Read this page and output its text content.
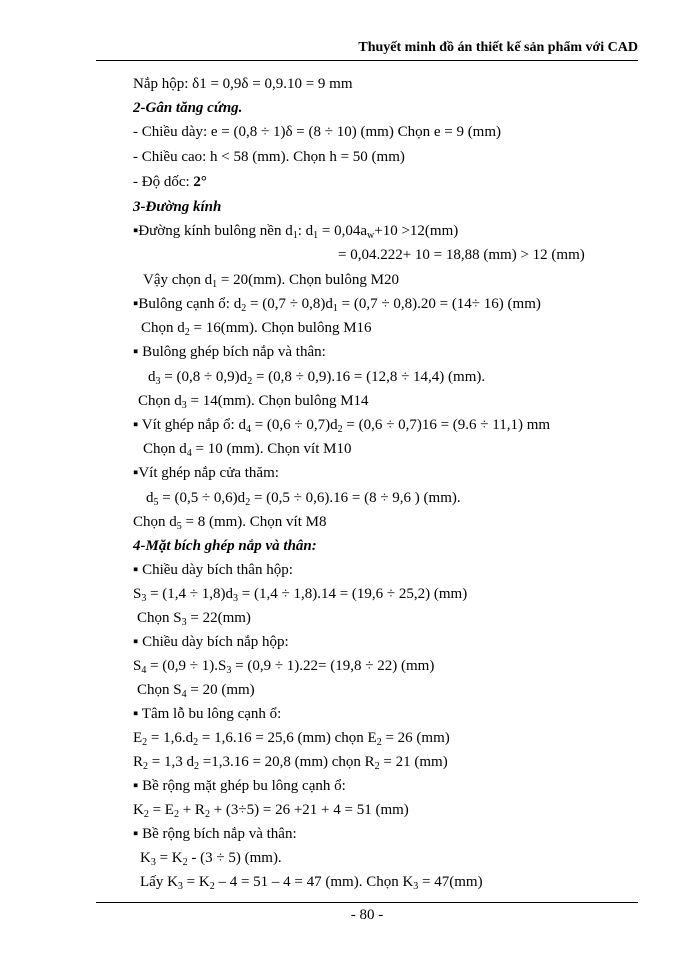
Thuyết minh đồ án thiết kế sản phẩm với CAD
Nắp hộp: δ1 = 0,9δ = 0,9.10 = 9 mm
2-Gân tăng cứng.
- Chiều dày: e = (0,8 ÷ 1)δ = (8 ÷ 10) (mm) Chọn e = 9 (mm)
- Chiều cao: h < 58 (mm). Chọn h = 50 (mm)
- Độ dốc: 2°
3-Đường kính
▪Đường kính bulông nền $d_1$: $d_1 = 0,04a_w+10 >12(mm)$
= 0,04.222+ 10 = 18,88 (mm) > 12 (mm)
Vậy chọn $d_1 = 20(mm)$. Chọn bulông M20
▪Bulông cạnh ổ: $d_2 = (0,7 \div 0,8)d_1 = (0,7 \div 0,8).20 = (14\div 16)$ (mm)
Chọn $d_2 = 16(mm)$. Chọn bulông M16
▪ Bulông ghép bích nắp và thân:
$d_3 = (0,8 \div 0,9)d_2 = (0,8 \div 0,9).16 = (12,8 \div 14,4)$ (mm).
Chọn $d_3 = 14(mm)$. Chọn bulông M14
▪ Vít ghép nắp ổ: $d_4 = (0,6 \div 0,7)d_2 = (0,6 \div 0,7)16 = (9.6 \div 11,1)$ mm
Chọn $d_4 = 10$ (mm). Chọn vít M10
▪Vít ghép nắp cửa thăm:
$d_5 = (0,5 \div 0,6)d_2 = (0,5 \div 0,6).16 = (8 \div 9,6$ ) (mm).
Chọn $d_5 = 8$ (mm). Chọn vít M8
4-Mặt bích ghép nắp và thân:
▪ Chiều dày bích thân hộp:
$S_3 = (1,4 \div 1,8)d_3 = (1,4 \div 1,8).14 = (19,6 \div 25,2)$ (mm)
Chọn $S_3 = 22(mm)$
▪ Chiều dày bích nắp hộp:
$S_4 = (0,9 \div 1).S_3 = (0,9 \div 1).22= (19,8 \div 22)$ (mm)
Chọn $S_4 = 20$ (mm)
▪ Tâm lỗ bu lông cạnh ổ:
$E_2 = 1,6.d_2 = 1,6.16 = 25,6$ (mm) chọn $E_2 = 26$ (mm)
$R_2 = 1,3$ $d_2 =1,3.16 = 20,8$ (mm) chọn $R_2 = 21$ (mm)
▪ Bề rộng mặt ghép bu lông cạnh ổ:
$K_2 = E_2 + R_2 + (3\div 5) = 26 +21 + 4 = 51$ (mm)
▪ Bề rộng bích nắp và thân:
$K_3 = K_2 - (3 \div 5)$ (mm).
Lấy $K_3 = K_2 - 4 = 51 - 4 = 47$ (mm). Chọn $K_3 = 47(mm)$
- 80 -
